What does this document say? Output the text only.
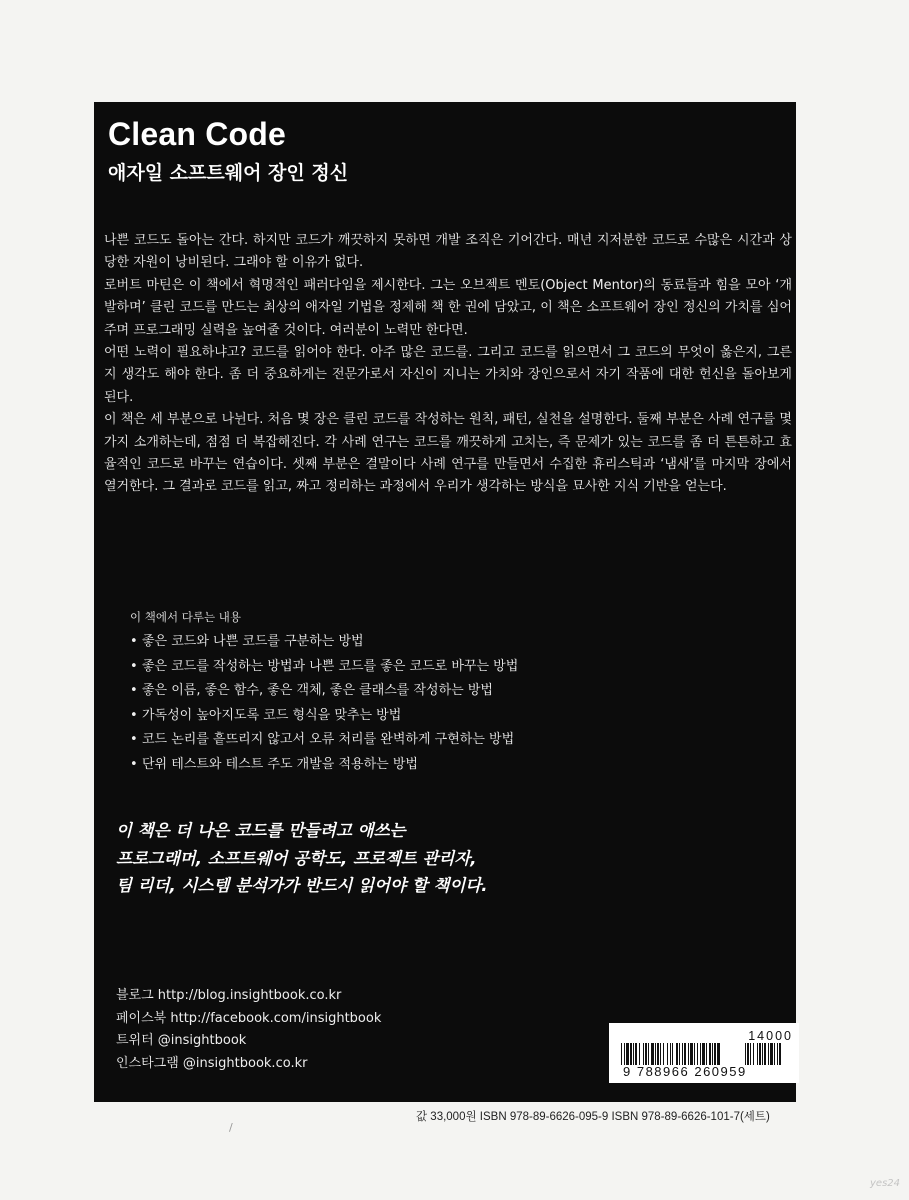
Clean Code
애자일 소프트웨어 장인 정신

나쁜 코드도 돌아는 간다. 하지만 코드가 깨끗하지 못하면 개발 조직은 기어간다. 매년 지저분한 코드로 수많은 시간과 상당한 자원이 낭비된다. 그래야 할 이유가 없다.

로버트 마틴은 이 책에서 혁명적인 패러다임을 제시한다. 그는 오브젝트 멘토(Object Mentor)의 동료들과 힘을 모아 ‘개발하며’ 클린 코드를 만드는 최상의 애자일 기법을 정제해 책 한 권에 담았고, 이 책은 소프트웨어 장인 정신의 가치를 심어 주며 프로그래밍 실력을 높여줄 것이다. 여러분이 노력만 한다면.

어떤 노력이 필요하냐고? 코드를 읽어야 한다. 아주 많은 코드를. 그리고 코드를 읽으면서 그 코드의 무엇이 옳은지, 그른지 생각도 해야 한다. 좀 더 중요하게는 전문가로서 자신이 지니는 가치와 장인으로서 자기 작품에 대한 헌신을 돌아보게 된다.

이 책은 세 부분으로 나뉜다. 처음 몇 장은 클린 코드를 작성하는 원칙, 패턴, 실천을 설명한다. 둘째 부분은 사례 연구를 몇 가지 소개하는데, 점점 더 복잡해진다. 각 사례 연구는 코드를 깨끗하게 고치는, 즉 문제가 있는 코드를 좀 더 튼튼하고 효율적인 코드로 바꾸는 연습이다. 셋째 부분은 결말이다 사례 연구를 만들면서 수집한 휴리스틱과 ‘냄새’를 마지막 장에서 열거한다. 그 결과로 코드를 읽고, 짜고 정리하는 과정에서 우리가 생각하는 방식을 묘사한 지식 기반을 얻는다.

이 책에서 다루는 내용
• 좋은 코드와 나쁜 코드를 구분하는 방법
• 좋은 코드를 작성하는 방법과 나쁜 코드를 좋은 코드로 바꾸는 방법
• 좋은 이름, 좋은 함수, 좋은 객체, 좋은 클래스를 작성하는 방법
• 가독성이 높아지도록 코드 형식을 맞추는 방법
• 코드 논리를 흩뜨리지 않고서 오류 처리를 완벽하게 구현하는 방법
• 단위 테스트와 테스트 주도 개발을 적용하는 방법
이 책은 더 나은 코드를 만들려고 애쓰는
프로그래머, 소프트웨어 공학도, 프로젝트 관리자,
팀 리더, 시스템 분석가가 반드시 읽어야 할 책이다.
블로그 http://blog.insightbook.co.kr
페이스북 http://facebook.com/insightbook
트위터 @insightbook
인스타그램 @insightbook.co.kr
14000
9 788966 260959
값 33,000원 ISBN 978-89-6626-095-9 ISBN 978-89-6626-101-7(세트)
/
yes24
